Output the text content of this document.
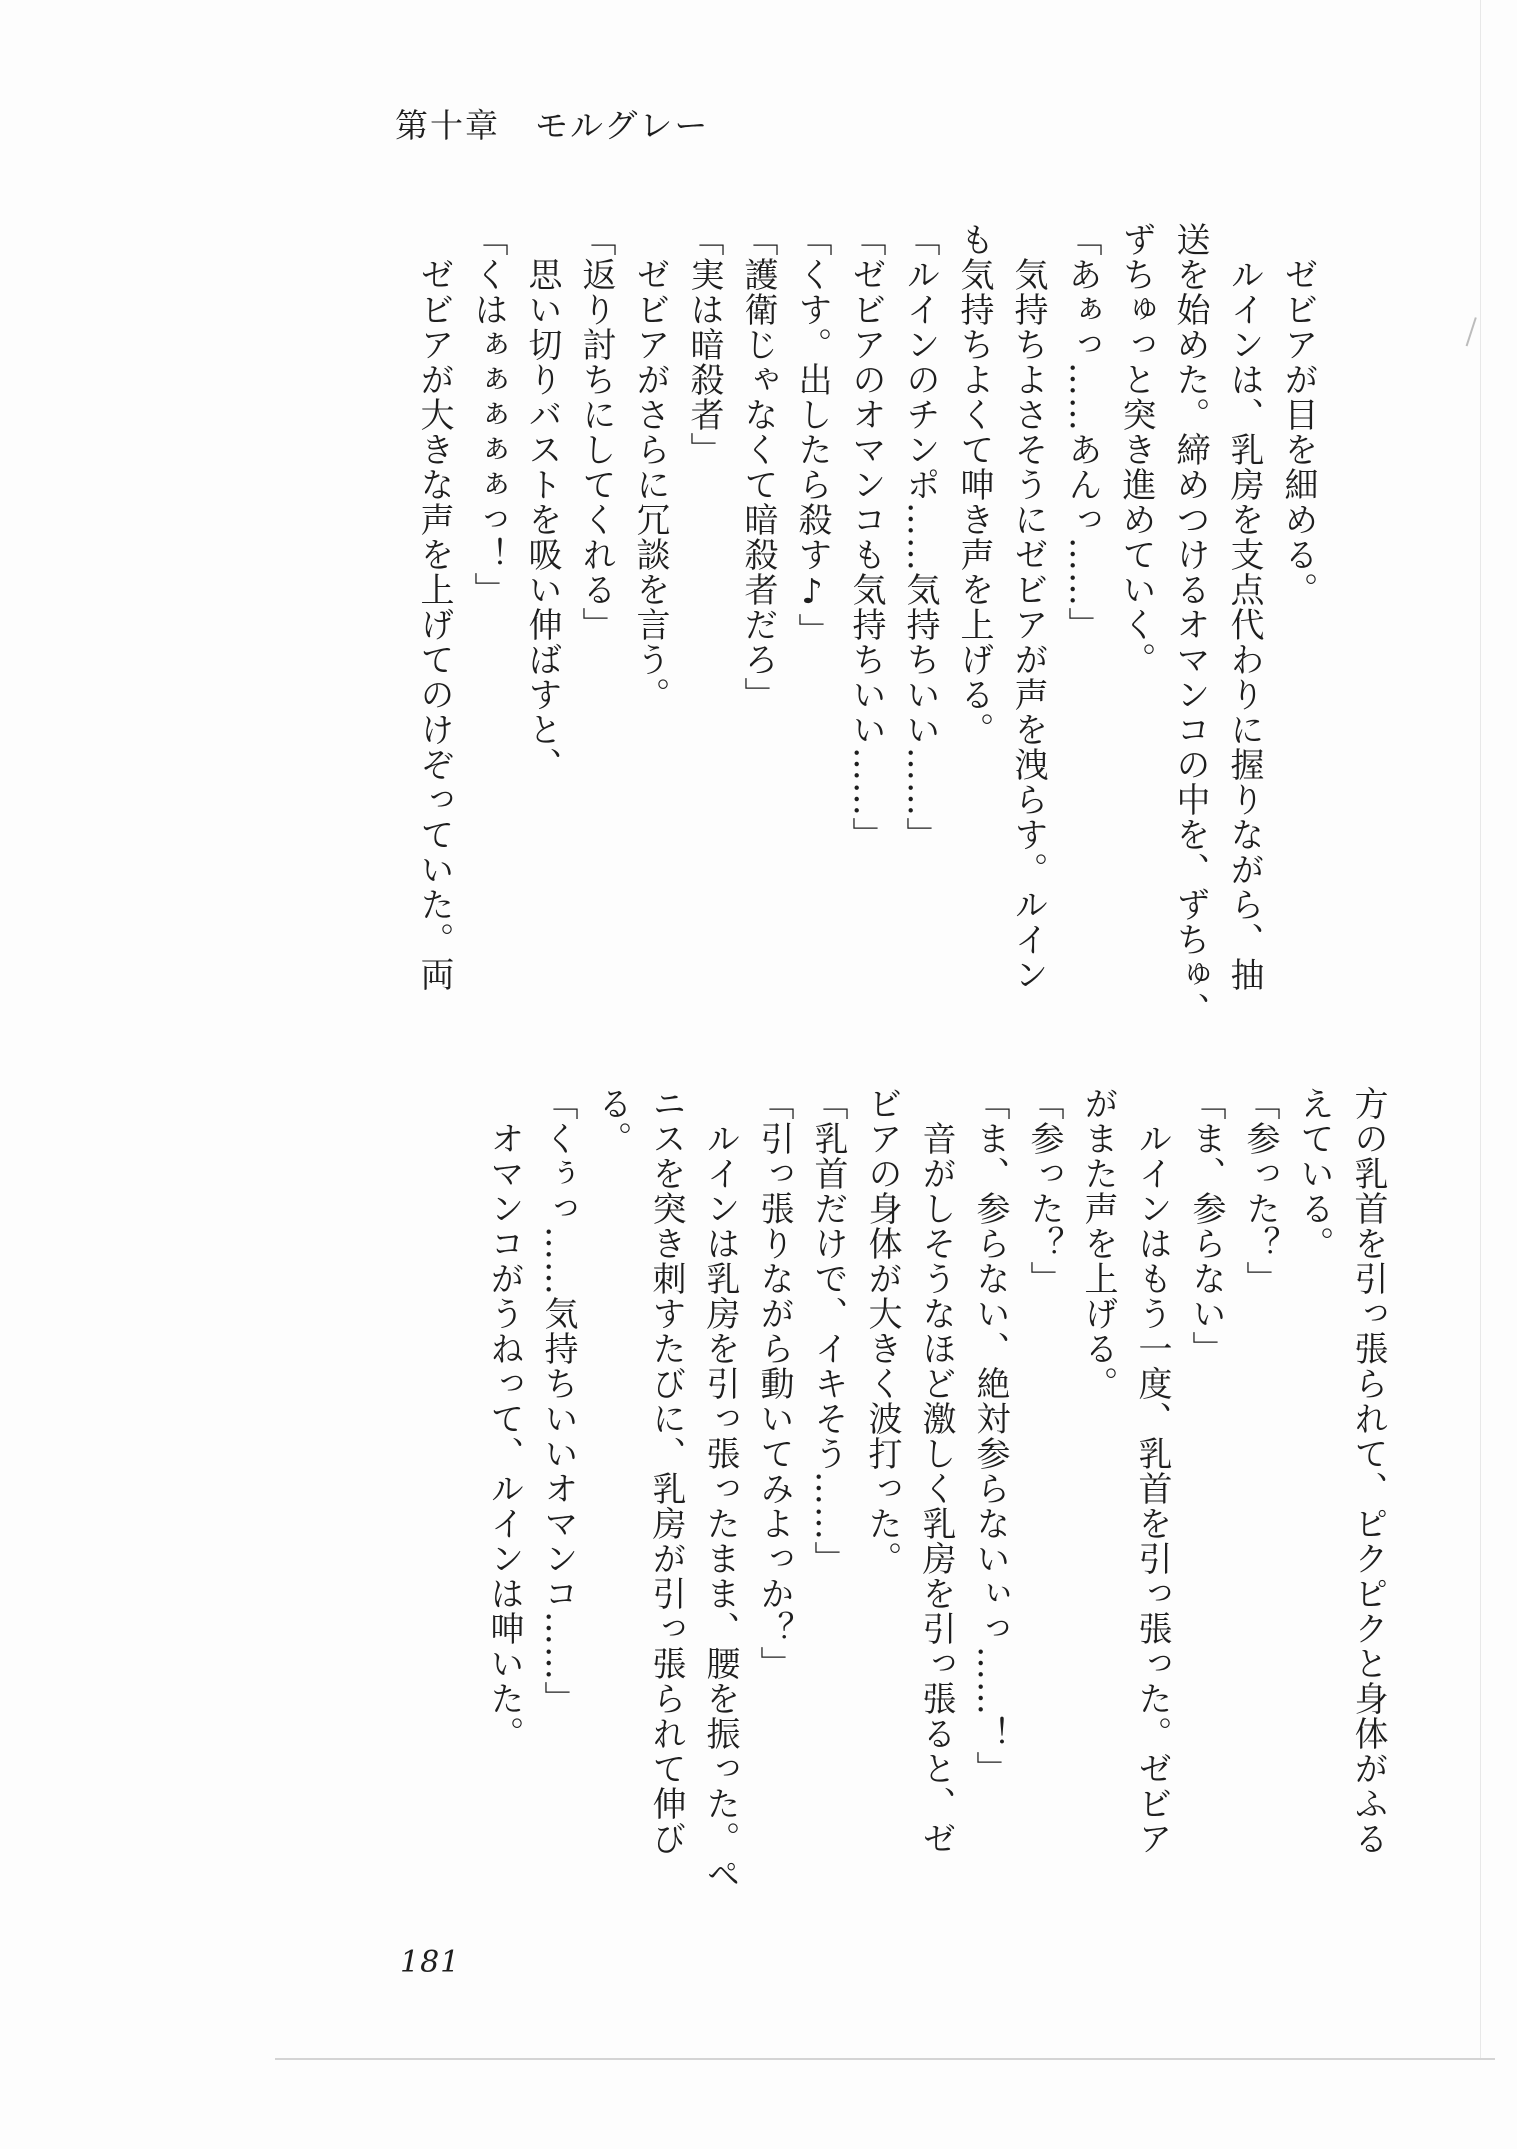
第十章　モルグレー
　ゼビアが目を細める。
　ルインは、乳房を支点代わりに握りながら、抽
送を始めた。締めつけるオマンコの中を、ずちゅ、
ずちゅっと突き進めていく。
「あぁっ……あんっ……」
　気持ちよさそうにゼビアが声を洩らす。ルイン
も気持ちよくて呻き声を上げる。
「ルインのチンポ……気持ちいい……」
「ゼビアのオマンコも気持ちいい……」
「くす。出したら殺す♪」
「護衛じゃなくて暗殺者だろ」
「実は暗殺者」
　ゼビアがさらに冗談を言う。
「返り討ちにしてくれる」
　思い切りバストを吸い伸ばすと、
「くはぁぁぁぁぁっ！」
　ゼビアが大きな声を上げてのけぞっていた。両
方の乳首を引っ張られて、ピクピクと身体がふる
えている。
「参った？」
「ま、参らない」
　ルインはもう一度、乳首を引っ張った。ゼビア
がまた声を上げる。
「参った？」
「ま、参らない、絶対参らないぃっ……！」
　音がしそうなほど激しく乳房を引っ張ると、ゼ
ビアの身体が大きく波打った。
「乳首だけで、イキそう……」
「引っ張りながら動いてみよっか？」
　ルインは乳房を引っ張ったまま、腰を振った。ペ
ニスを突き刺すたびに、乳房が引っ張られて伸び
る。
「くぅっ……気持ちいいオマンコ……」
　オマンコがうねって、ルインは呻いた。
181
